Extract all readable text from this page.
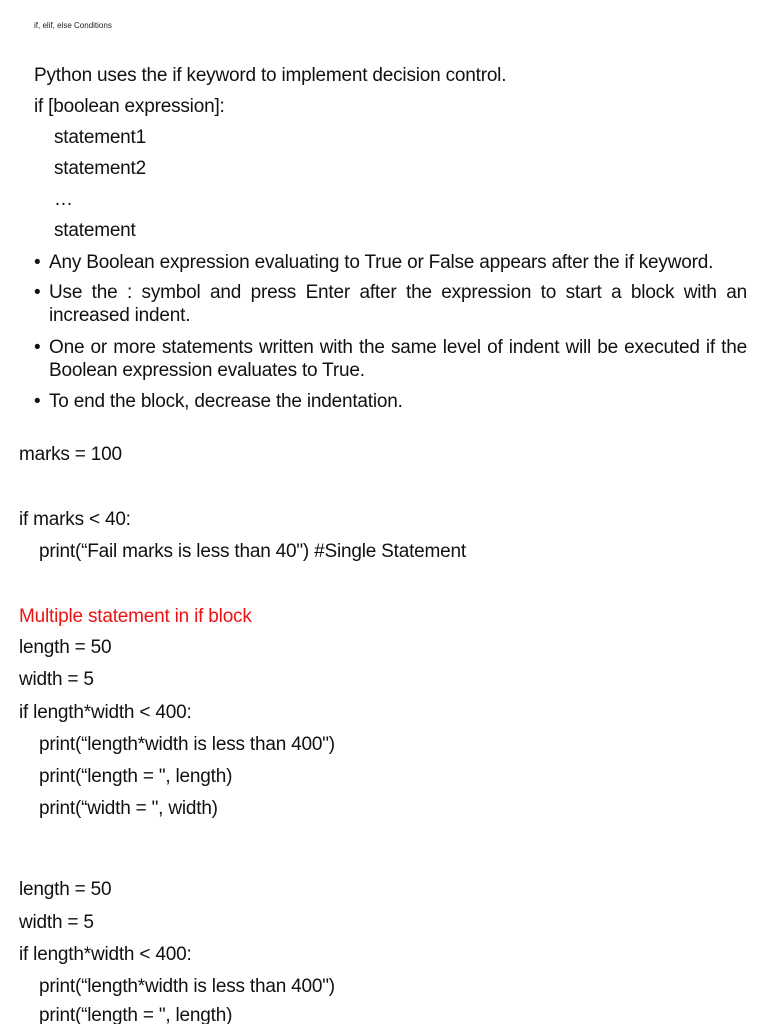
if, elif, else Conditions
Python uses the if keyword to implement decision control.
if [boolean expression]:
statement1
statement2
…
statement
• Any Boolean expression evaluating to True or False appears after the if keyword.
• Use the : symbol and press Enter after the expression to start a block with an increased indent.
• One or more statements written with the same level of indent will be executed if the Boolean expression evaluates to True.
• To end the block, decrease the indentation.
marks = 100
if marks < 40:
print(“Fail marks is less than 40") #Single Statement
Multiple statement in if block
length = 50
width = 5
if length*width < 400:
print(“length*width is less than 400")
print(“length = ", length)
print(“width = ", width)
length = 50
width = 5
if length*width < 400:
print(“length*width is less than 400")
print(“length = ", length)
